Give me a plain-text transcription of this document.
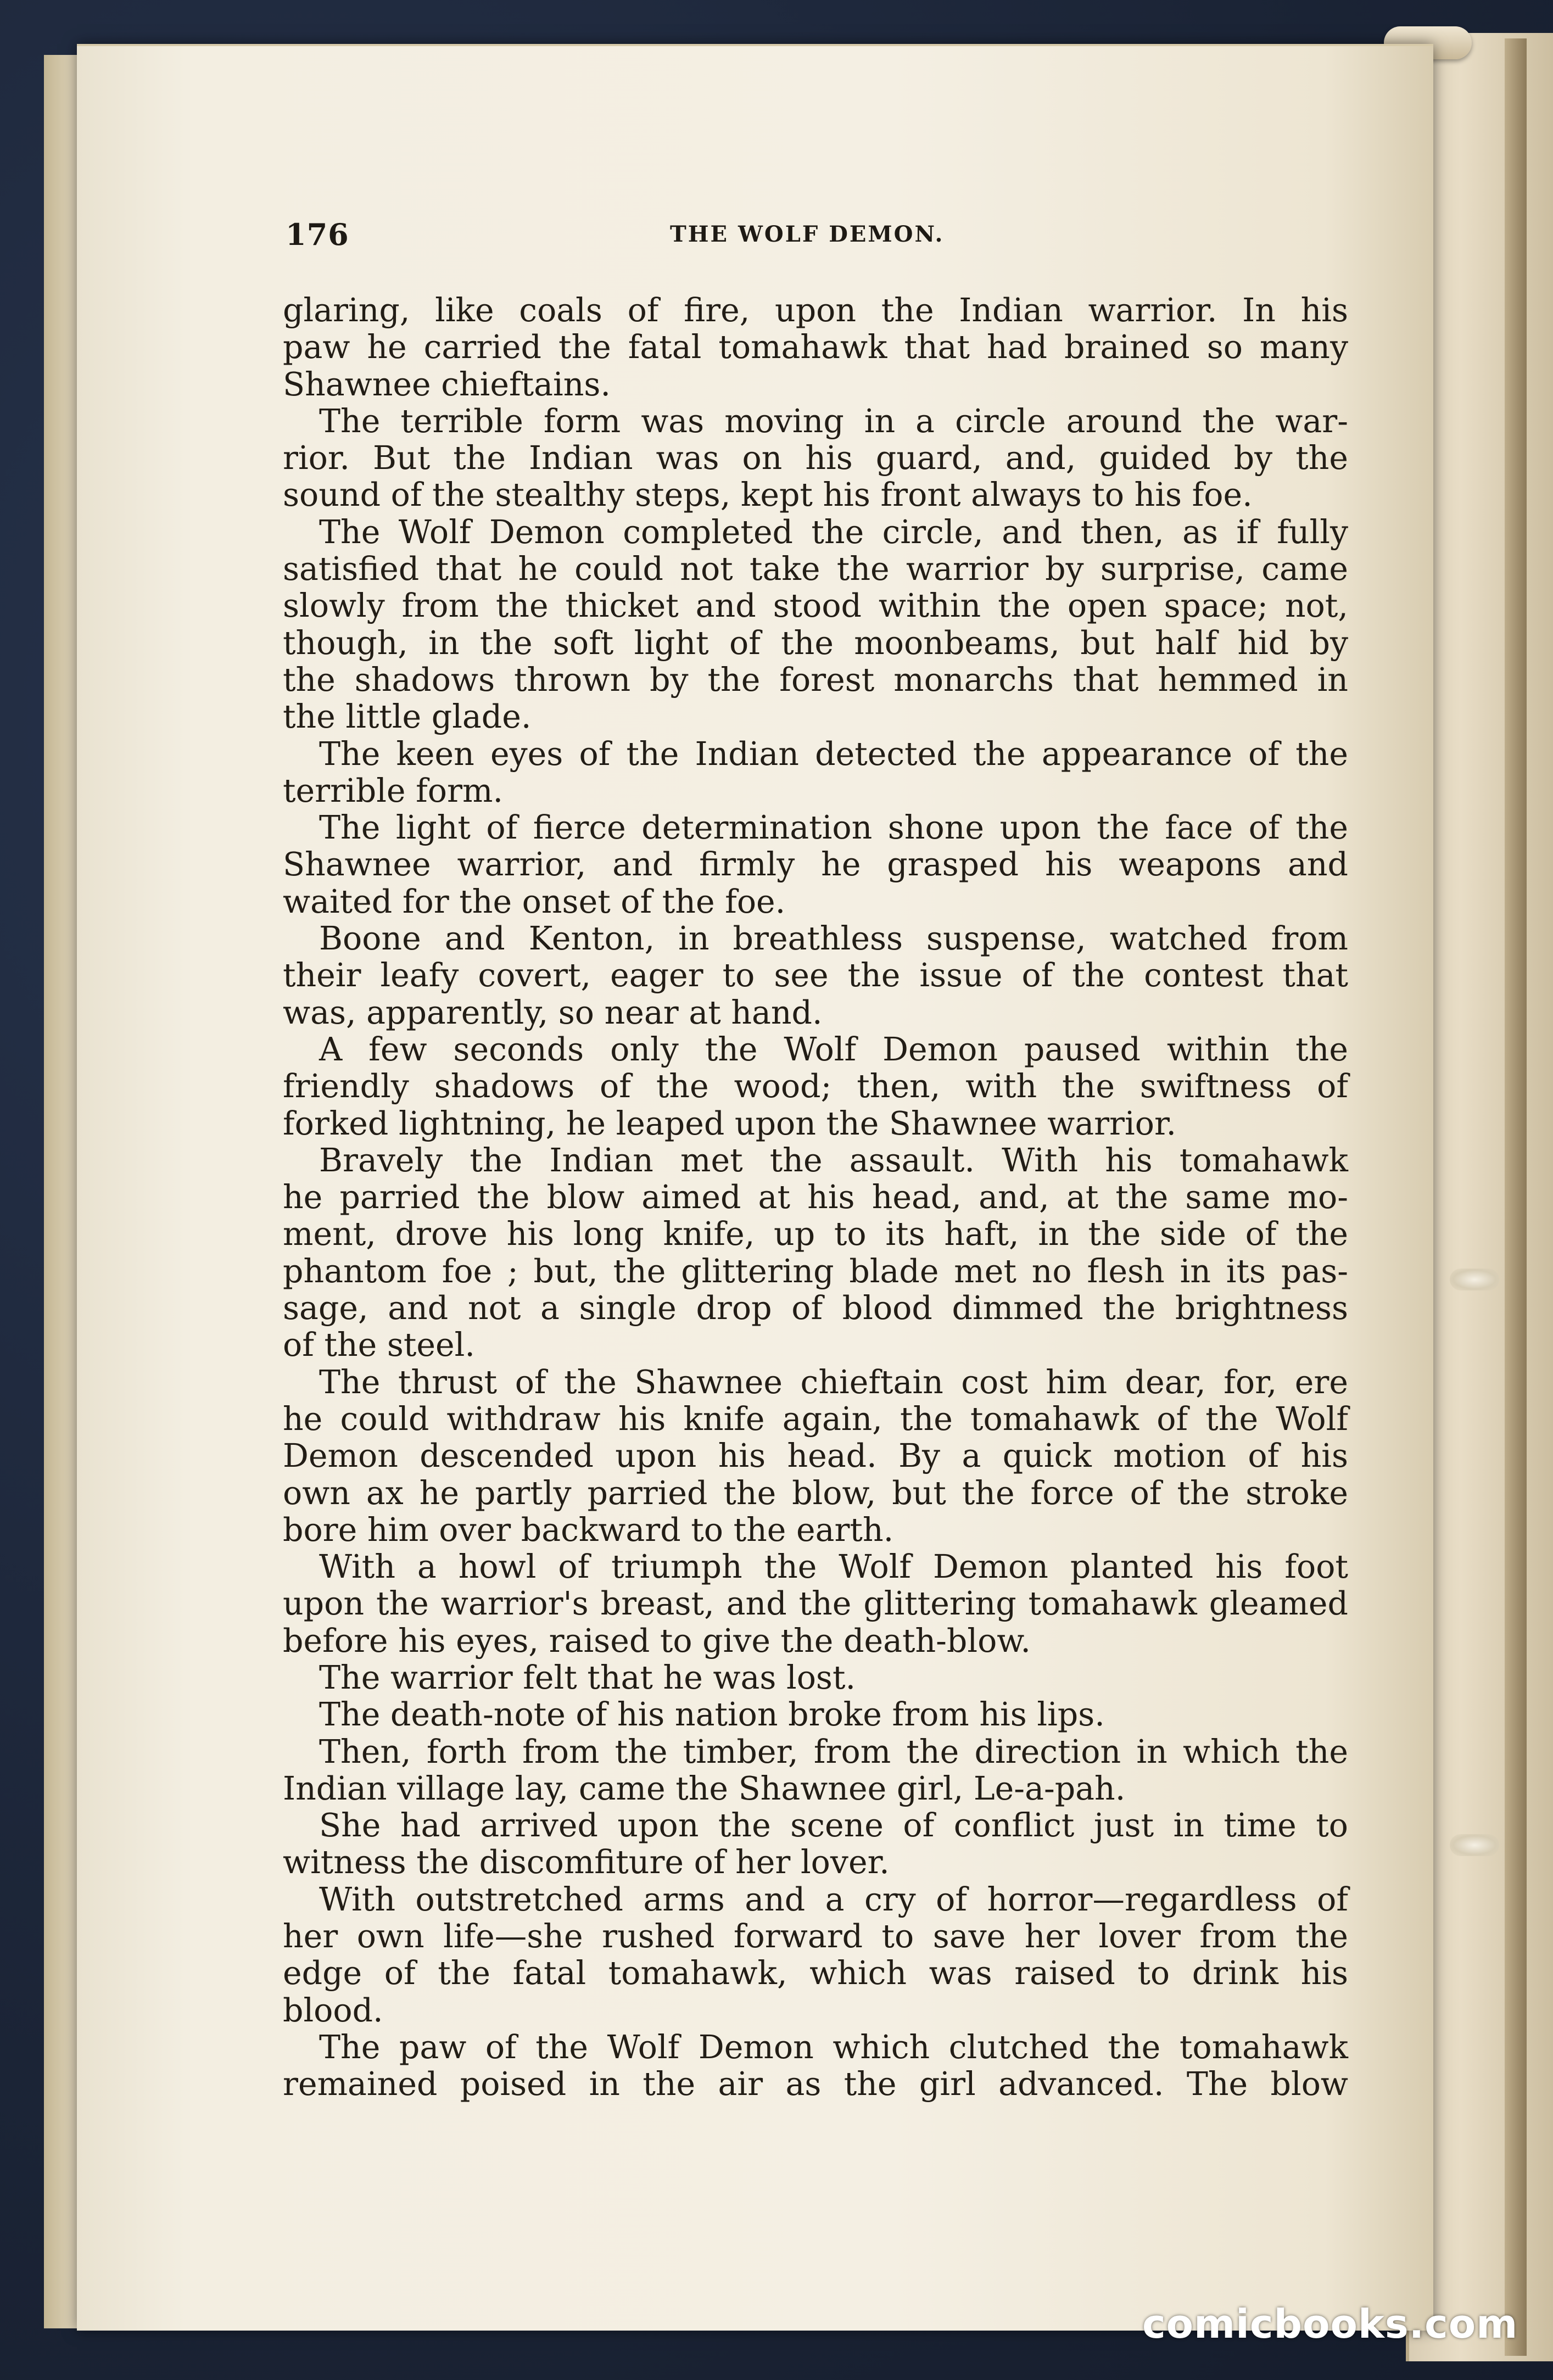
176	THE WOLF DEMON.
glaring, like coals of fire, upon the Indian warrior. In his
paw he carried the fatal tomahawk that had brained so many
Shawnee chieftains.
The terrible form was moving in a circle around the war-
rior. But the Indian was on his guard, and, guided by the
sound of the stealthy steps, kept his front always to his foe.
The Wolf Demon completed the circle, and then, as if fully
satisfied that he could not take the warrior by surprise, came
slowly from the thicket and stood within the open space; not,
though, in the soft light of the moonbeams, but half hid by
the shadows thrown by the forest monarchs that hemmed in
the little glade.
The keen eyes of the Indian detected the appearance of the
terrible form.
The light of fierce determination shone upon the face of the
Shawnee warrior, and firmly he grasped his weapons and
waited for the onset of the foe.
Boone and Kenton, in breathless suspense, watched from
their leafy covert, eager to see the issue of the contest that
was, apparently, so near at hand.
A few seconds only the Wolf Demon paused within the
friendly shadows of the wood; then, with the swiftness of
forked lightning, he leaped upon the Shawnee warrior.
Bravely the Indian met the assault. With his tomahawk
he parried the blow aimed at his head, and, at the same mo-
ment, drove his long knife, up to its haft, in the side of the
phantom foe ; but, the glittering blade met no flesh in its pas-
sage, and not a single drop of blood dimmed the brightness
of the steel.
The thrust of the Shawnee chieftain cost him dear, for, ere
he could withdraw his knife again, the tomahawk of the Wolf
Demon descended upon his head. By a quick motion of his
own ax he partly parried the blow, but the force of the stroke
bore him over backward to the earth.
With a howl of triumph the Wolf Demon planted his foot
upon the warrior's breast, and the glittering tomahawk gleamed
before his eyes, raised to give the death-blow.
The warrior felt that he was lost.
The death-note of his nation broke from his lips.
Then, forth from the timber, from the direction in which the
Indian village lay, came the Shawnee girl, Le-a-pah.
She had arrived upon the scene of conflict just in time to
witness the discomfiture of her lover.
With outstretched arms and a cry of horror—regardless of
her own life—she rushed forward to save her lover from the
edge of the fatal tomahawk, which was raised to drink his
blood.
The paw of the Wolf Demon which clutched the tomahawk
remained poised in the air as the girl advanced. The blow
comicbooks.com
